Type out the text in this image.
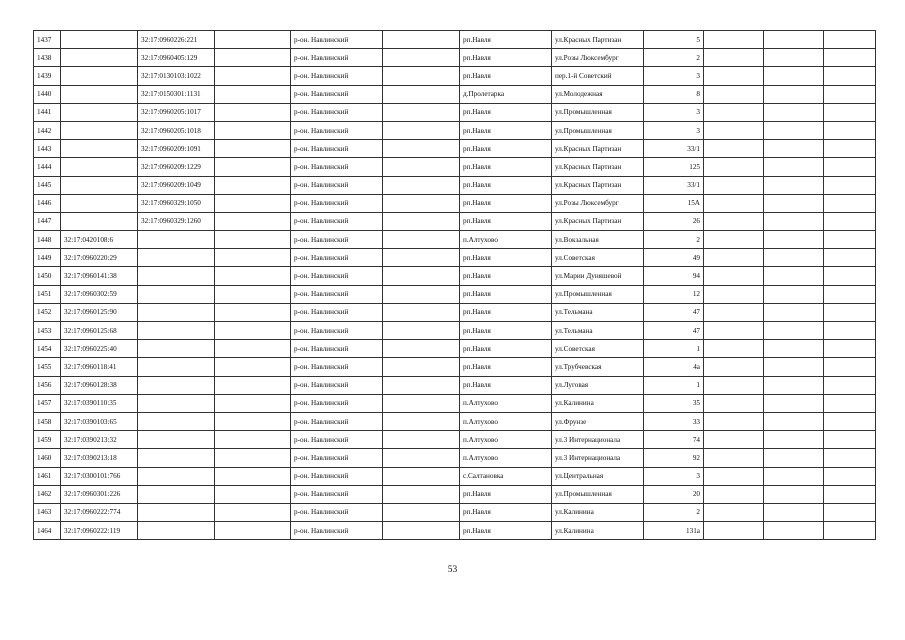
1437		32:17:0960226:221		р-он. Навлинский		рп.Навля	ул.Красных Партизан	5			
1438		32:17:0960405:129		р-он. Навлинский		рп.Навля	ул.Розы Люксембург	2			
1439		32:17:0130103:1022		р-он. Навлинский		рп.Навля	пер.1-й Советский	3			
1440		32:17:0150301:1131		р-он. Навлинский		д.Пролетарка	ул.Молодежная	8			
1441		32:17:0960205:1017		р-он. Навлинский		рп.Навля	ул.Промышленная	3			
1442		32:17:0960205:1018		р-он. Навлинский		рп.Навля	ул.Промышленная	3			
1443		32:17:0960209:1091		р-он. Навлинский		рп.Навля	ул.Красных Партизан	33/1			
1444		32:17:0960209:1229		р-он. Навлинский		рп.Навля	ул.Красных Партизан	125			
1445		32:17:0960209:1049		р-он. Навлинский		рп.Навля	ул.Красных Партизан	33/1			
1446		32:17:0960329:1050		р-он. Навлинский		рп.Навля	ул.Розы Люксембург	15А			
1447		32:17:0960329:1260		р-он. Навлинский		рп.Навля	ул.Красных Партизан	26			
1448	32:17:0420108:6			р-он. Навлинский		п.Алтухово	ул.Вокзальная	2			
1449	32:17:0960220:29			р-он. Навлинский		рп.Навля	ул.Советская	49			
1450	32:17:0960141:38			р-он. Навлинский		рп.Навля	ул.Марии Дуняшевой	94			
1451	32:17:0960302:59			р-он. Навлинский		рп.Навля	ул.Промышленная	12			
1452	32:17:0960125:90			р-он. Навлинский		рп.Навля	ул.Тельмана	47			
1453	32:17:0960125:68			р-он. Навлинский		рп.Навля	ул.Тельмана	47			
1454	32:17:0960225:40			р-он. Навлинский		рп.Навля	ул.Советская	1			
1455	32:17:0960118:41			р-он. Навлинский		рп.Навля	ул.Трубчевская	4а			
1456	32:17:0960128:38			р-он. Навлинский		рп.Навля	ул.Луговая	1			
1457	32:17:0390110:35			р-он. Навлинский		п.Алтухово	ул.Калинина	35			
1458	32:17:0390103:65			р-он. Навлинский		п.Алтухово	ул.Фрунзе	33			
1459	32:17:0390213:32			р-он. Навлинский		п.Алтухово	ул.3 Интернационала	74			
1460	32:17:0390213:18			р-он. Навлинский		п.Алтухово	ул.3 Интернационала	92			
1461	32:17:0300101:766			р-он. Навлинский		с.Салтановка	ул.Центральная	3			
1462	32:17:0960301:226			р-он. Навлинский		рп.Навля	ул.Промышленная	20			
1463	32:17:0960222:774			р-он. Навлинский		рп.Навля	ул.Калинина	2			
1464	32:17:0960222:119			р-он. Навлинский		рп.Навля	ул.Калинина	131а			
53
